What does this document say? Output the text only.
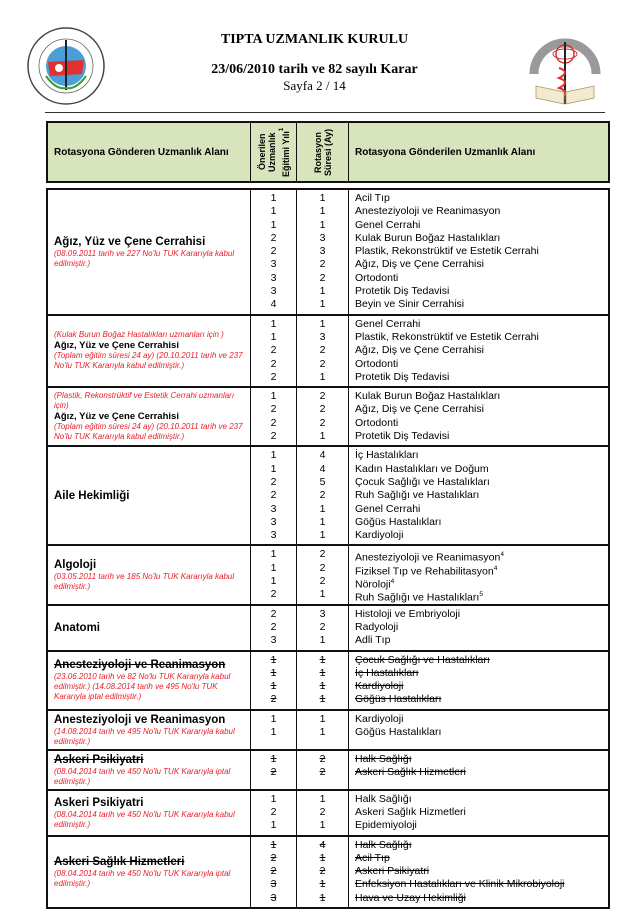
TIPTA UZMANLIK KURULU
23/06/2010 tarih ve 82 sayılı Karar
Sayfa 2 / 14
Rotasyona Gönderen Uzmanlık Alanı	Önerilen Uzmanlık Eğitimi Yılı$^1$
Rotasyon Süresi (Ay)	Rotasyona Gönderilen Uzmanlık Alanı
Ağız, Yüz ve Çene Cerrahisi
(08.09.2011 tarih ve 227 No'lu TUK Kararıyla kabul edilmiştir.)
1
1
1
2
2
3
3
3
4
1
1
1
3
3
2
2
1
1
Acil Tıp
Anesteziyoloji ve Reanimasyon
Genel Cerrahi
Kulak Burun Boğaz Hastalıkları
Plastik, Rekonstrüktif ve Estetik Cerrahi
Ağız, Diş ve Çene Cerrahisi
Ortodonti
Protetik Diş Tedavisi
Beyin ve Sinir Cerrahisi
(Kulak Burun Boğaz Hastalıkları uzmanları için )
Ağız, Yüz ve Çene Cerrahisi
(Toplam eğitim süresi 24 ay) (20.10.2011 tarih ve 237 No'lu TUK Kararıyla kabul edilmiştir.)
1
1
2
2
2
1
3
2
2
1
Genel Cerrahi
Plastik, Rekonstrüktif ve Estetik Cerrahi
Ağız, Diş ve Çene Cerrahisi
Ortodonti
Protetik Diş Tedavisi
(Plastik, Rekonstrüktif ve Estetik Cerrahi uzmanları için)
Ağız, Yüz ve Çene Cerrahisi
(Toplam eğitim süresi 24 ay) (20.10.2011 tarih ve 237 No'lu TUK Kararıyla kabul edilmiştir.)
1
2
2
2
2
2
2
1
Kulak Burun Boğaz Hastalıkları
Ağız, Diş ve Çene Cerrahisi
Ortodonti
Protetik Diş Tedavisi
Aile Hekimliği
1
1
2
2
3
3
3
4
4
5
2
1
1
1
İç Hastalıkları
Kadın Hastalıkları ve Doğum
Çocuk Sağlığı ve Hastalıkları
Ruh Sağlığı ve Hastalıkları
Genel Cerrahi
Göğüs Hastalıkları
Kardiyoloji
Algoloji
(03.05.2011 tarih ve 185 No'lu TUK Kararıyla kabul edilmiştir.)
1
1
1
2
2
2
2
1
Anesteziyoloji ve Reanimasyon$^4$
Fiziksel Tıp ve Rehabilitasyon$^4$
Nöroloji$^4$
Ruh Sağlığı ve Hastalıkları$^5$
Anatomi
2
2
3
3
2
1
Histoloji ve Embriyoloji
Radyoloji
Adli Tıp
Anesteziyoloji ve Reanimasyon
(23.06.2010 tarih ve 82 No'lu TUK Kararıyla kabul edilmiştir.) (14.08.2014 tarih ve 495 No'lu TUK Kararıyla iptal edilmiştir.)
1
1
1
2
1
1
1
1
Çocuk Sağlığı ve Hastalıkları
İç Hastalıkları
Kardiyoloji
Göğüs Hastalıkları
Anesteziyoloji ve Reanimasyon
(14.08.2014 tarih ve 495 No'lu TUK Kararıyla kabul edilmiştir.)
1
1
1
1
Kardiyoloji
Göğüs Hastalıkları
Askeri Psikiyatri
(08.04.2014 tarih ve 450 No'lu TUK Kararıyla iptal edilmiştir.)
1
2
2
2
Halk Sağlığı
Askeri Sağlık Hizmetleri
Askeri Psikiyatri
(08.04.2014 tarih ve 450 No'lu TUK Kararıyla kabul edilmiştir.)
1
2
1
1
2
1
Halk Sağlığı
Askeri Sağlık Hizmetleri
Epidemiyoloji
Askeri Sağlık Hizmetleri
(08.04.2014 tarih ve 450 No'lu TUK Kararıyla iptal edilmiştir.)
1
2
2
3
3
4
1
2
1
1
Halk Sağlığı
Acil Tıp
Askeri Psikiyatri
Enfeksiyon Hastalıkları ve Klinik Mikrobiyoloji
Hava ve Uzay Hekimliği
